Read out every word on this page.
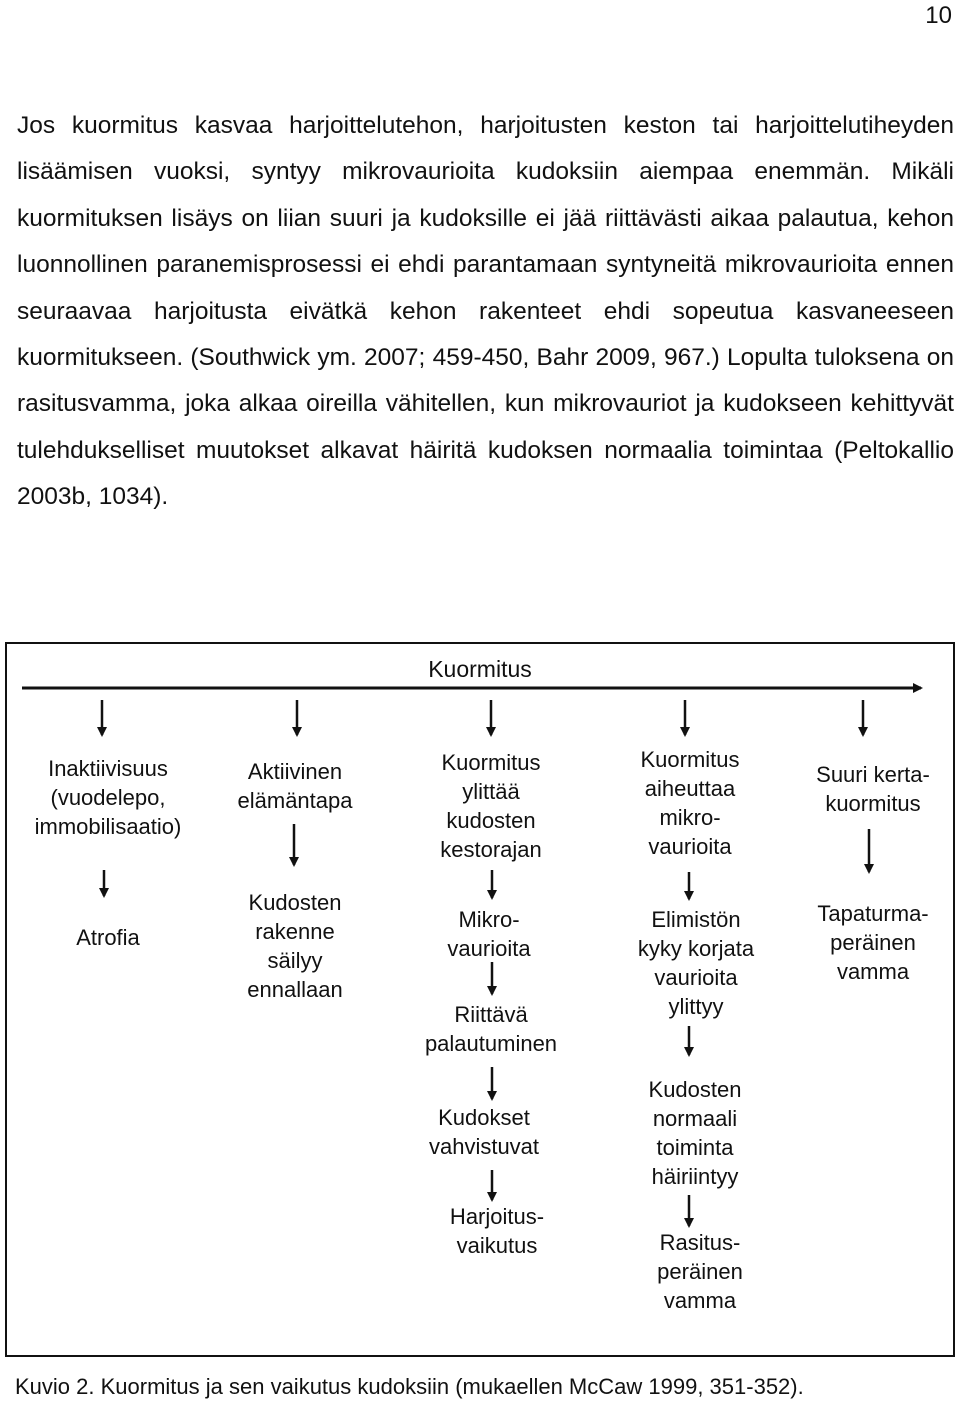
10

Jos kuormitus kasvaa harjoittelutehon, harjoitusten keston tai harjoittelutiheyden lisäämisen vuoksi, syntyy mikrovaurioita kudoksiin aiempaa enemmän. Mikäli kuormituksen lisäys on liian suuri ja kudoksille ei jää riittävästi aikaa palautua, kehon luonnollinen paranemisprosessi ei ehdi parantamaan syntyneitä mikrovaurioita ennen seuraavaa harjoitusta eivätkä kehon rakenteet ehdi sopeutua kasvaneeseen kuormitukseen. (Southwick ym. 2007; 459-450, Bahr 2009, 967.) Lopulta tuloksena on rasitusvamma, joka alkaa oireilla vähitellen, kun mikrovauriot ja kudokseen kehittyvät tulehdukselliset muutokset alkavat häiritä kudoksen normaalia toimintaa (Peltokallio 2003b, 1034).

Kuormitus
Inaktiivisuus
(vuodelepo,
immobilisaatio)
Atrofia
Aktiivinen
elämäntapa
Kudosten
rakenne
säilyy
ennallaan
Kuormitus
ylittää
kudosten
kestorajan
Mikro-
vaurioita
Riittävä
palautuminen
Kudokset
vahvistuvat
Harjoitus-
vaikutus
Kuormitus
aiheuttaa
mikro-
vaurioita
Elimistön
kyky korjata
vaurioita
ylittyy
Kudosten
normaali
toiminta
häiriintyy
Rasitus-
peräinen
vamma
Suuri kerta-
kuormitus
Tapaturma-
peräinen
vamma
Kuvio 2. Kuormitus ja sen vaikutus kudoksiin (mukaellen McCaw 1999, 351-352).
